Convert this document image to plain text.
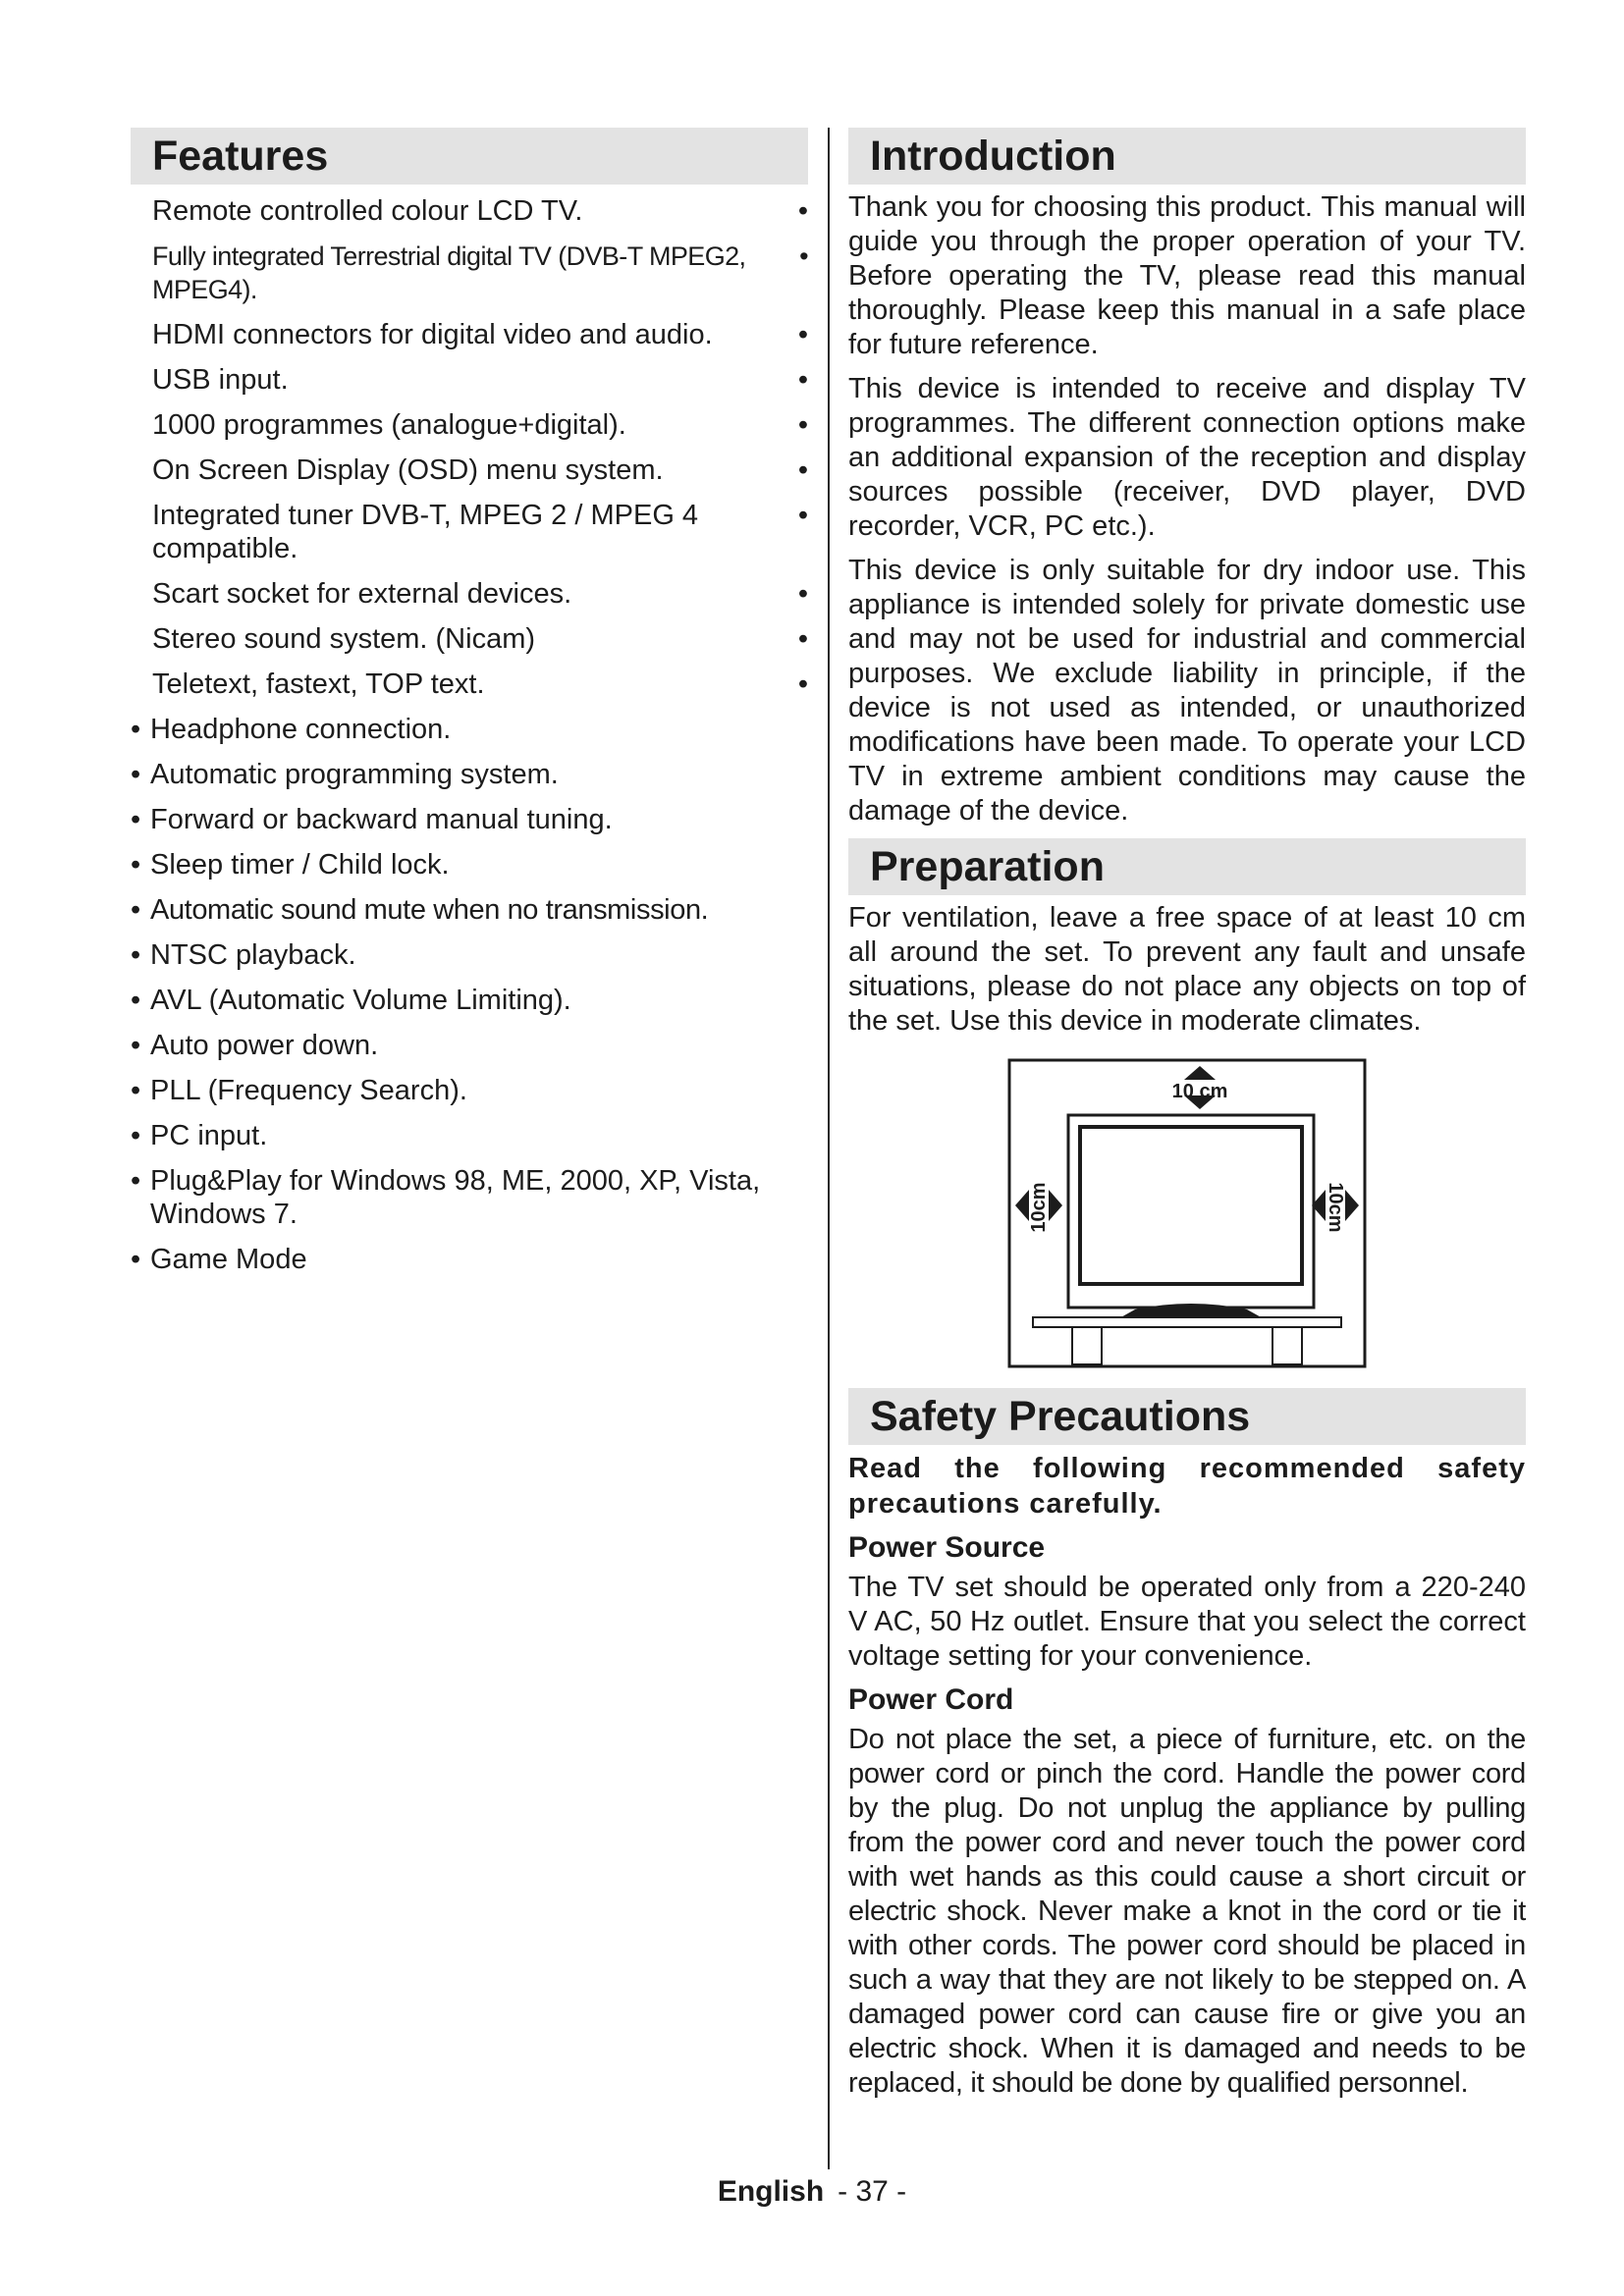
Features
Remote controlled colour LCD TV.	•
Fully integrated Terrestrial digital TV (DVB-T MPEG2, MPEG4).
•
HDMI connectors for digital video and audio.	•
USB input.	•
1000 programmes (analogue+digital).	•
On Screen Display (OSD) menu system.	•
Integrated tuner DVB-T, MPEG 2 / MPEG 4 compatible.
•
Scart socket for external devices.	•
Stereo sound system. (Nicam)	•
Teletext, fastext, TOP text.	•
• Headphone connection.
• Automatic programming system.
• Forward or backward manual tuning.
• Sleep timer / Child lock.
• Automatic sound mute when no transmission.
• NTSC playback.
• AVL (Automatic Volume Limiting).
• Auto power down.
• PLL (Frequency Search).
• PC input.
• Plug&Play for Windows 98, ME, 2000, XP, Vista, Windows 7.
• Game Mode
Introduction

Thank you for choosing this product. This manual will guide you through the proper operation of your TV. Before operating the TV, please read this manual thoroughly. Please keep this manual in a safe place for future reference.

This device is intended to receive and display TV programmes. The different connection options make an additional expansion of the reception and display sources possible (receiver, DVD player, DVD recorder, VCR, PC etc.).

This device is only suitable for dry indoor use. This appliance is intended solely for private domestic use and may not be used for industrial and commercial purposes. We exclude liability in principle, if the device is not used as intended, or unauthorized modifications have been made. To operate your LCD TV in extreme ambient conditions may cause the damage of the device.

Preparation

For ventilation, leave a free space of at least 10 cm all around the set. To prevent any fault and unsafe situations, please do not place any objects on top of the set. Use this device in moderate climates.

10 cm
10cm	10cm
Safety Precautions

Read the following recommended safety precautions carefully.

Power Source

The TV set should be operated only from a 220-240 V AC, 50 Hz outlet. Ensure that you select the correct voltage setting for your convenience.

Power Cord

Do not place the set, a piece of furniture, etc. on the power cord or pinch the cord. Handle the power cord by the plug. Do not unplug the appliance by pulling from the power cord and never touch the power cord with wet hands as this could cause a short circuit or electric shock. Never make a knot in the cord or tie it with other cords. The power cord should be placed in such a way that they are not likely to be stepped on. A damaged power cord can cause fire or give you an electric shock. When it is damaged and needs to be replaced, it should be done by qualified personnel.

English - 37 -
